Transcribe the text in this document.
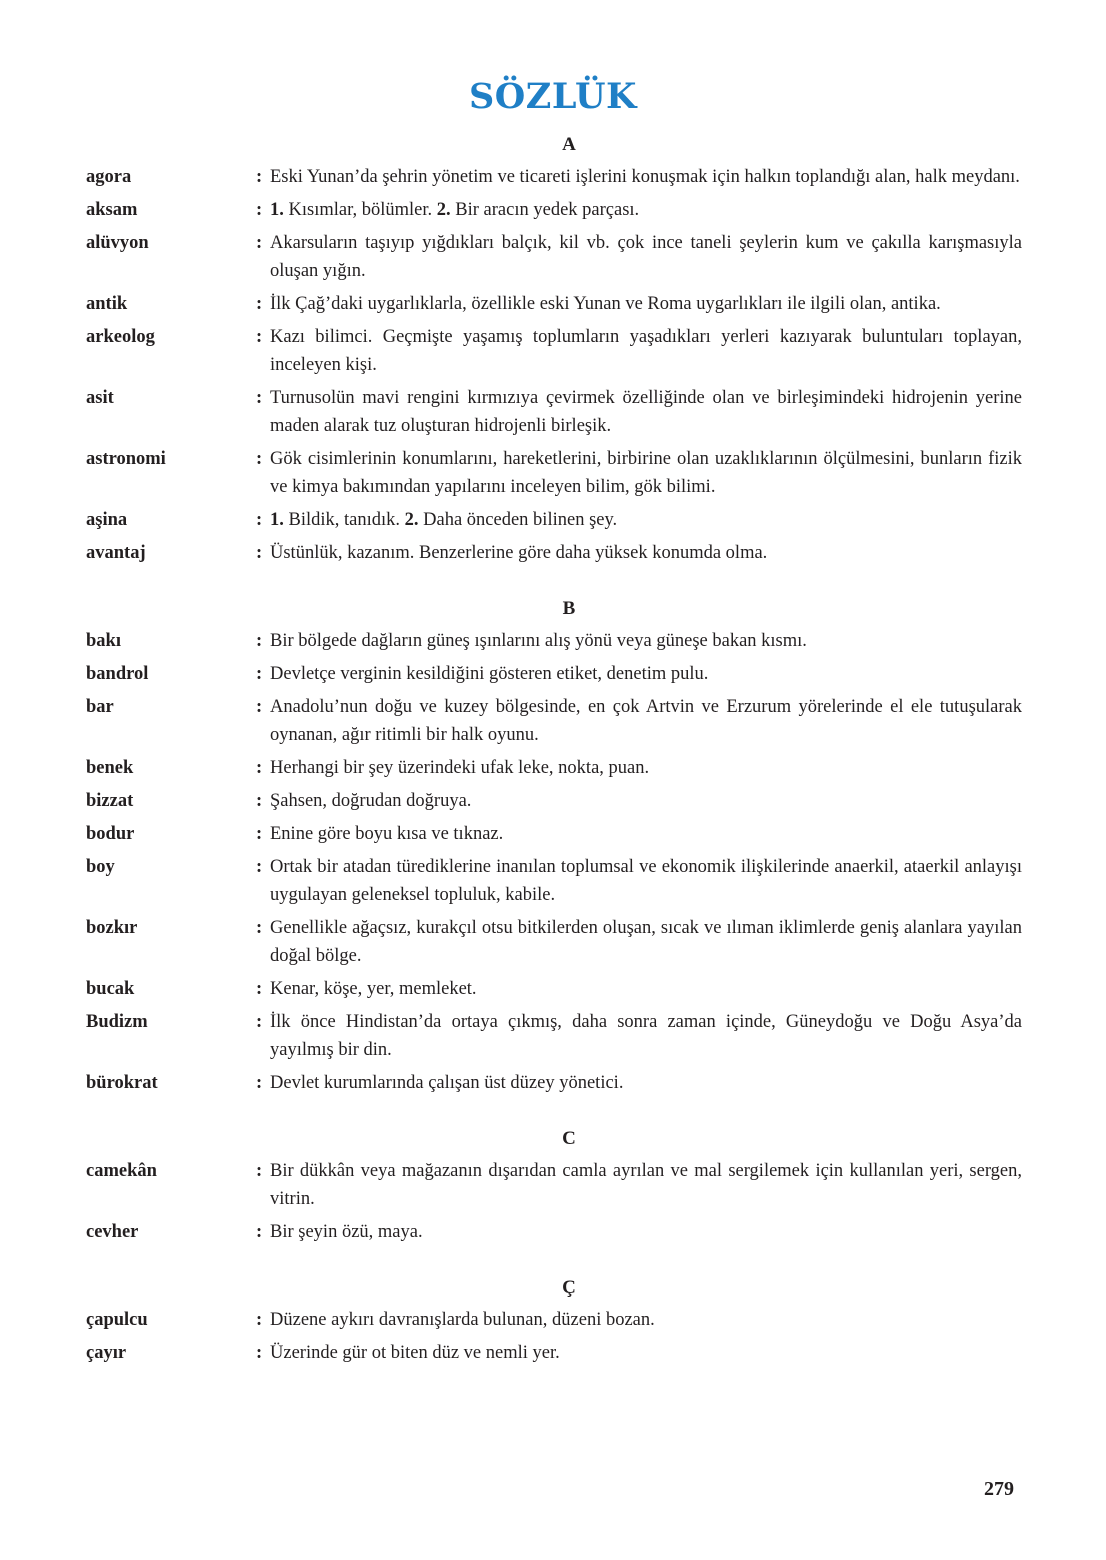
SÖZLÜK
A
agora	: Eski Yunan’da şehrin yönetim ve ticareti işlerini konuşmak için halkın toplandığı alan, halk meydanı.
aksam	: 1. Kısımlar, bölümler. 2. Bir aracın yedek parçası.
alüvyon	: Akarsuların taşıyıp yığdıkları balçık, kil vb. çok ince taneli şeylerin kum ve çakılla karışmasıyla oluşan yığın.
antik	: İlk Çağ’daki uygarlıklarla, özellikle eski Yunan ve Roma uygarlıkları ile ilgili olan, antika.
arkeolog	: Kazı bilimci. Geçmişte yaşamış toplumların yaşadıkları yerleri kazıyarak buluntuları toplayan, inceleyen kişi.
asit	: Turnusolün mavi rengini kırmızıya çevirmek özelliğinde olan ve birleşimindeki hidrojenin yerine maden alarak tuz oluşturan hidrojenli birleşik.
astronomi	: Gök cisimlerinin konumlarını, hareketlerini, birbirine olan uzaklıklarının ölçülmesini, bunların fizik ve kimya bakımından yapılarını inceleyen bilim, gök bilimi.
aşina	: 1. Bildik, tanıdık. 2. Daha önceden bilinen şey.
avantaj	: Üstünlük, kazanım. Benzerlerine göre daha yüksek konumda olma.
B
bakı	: Bir bölgede dağların güneş ışınlarını alış yönü veya güneşe bakan kısmı.
bandrol	: Devletçe verginin kesildiğini gösteren etiket, denetim pulu.
bar	: Anadolu’nun doğu ve kuzey bölgesinde, en çok Artvin ve Erzurum yörelerinde el ele tutuşularak oynanan, ağır ritimli bir halk oyunu.
benek	: Herhangi bir şey üzerindeki ufak leke, nokta, puan.
bizzat	: Şahsen, doğrudan doğruya.
bodur	: Enine göre boyu kısa ve tıknaz.
boy	: Ortak bir atadan türediklerine inanılan toplumsal ve ekonomik ilişkilerinde anaerkil, ataerkil anlayışı uygulayan geleneksel topluluk, kabile.
bozkır	: Genellikle ağaçsız, kurakçıl otsu bitkilerden oluşan, sıcak ve ılıman iklimlerde geniş alanlara yayılan doğal bölge.
bucak	: Kenar, köşe, yer, memleket.
Budizm	: İlk önce Hindistan’da ortaya çıkmış, daha sonra zaman içinde, Güneydoğu ve Doğu Asya’da yayılmış bir din.
bürokrat	: Devlet kurumlarında çalışan üst düzey yönetici.
C
camekân	: Bir dükkân veya mağazanın dışarıdan camla ayrılan ve mal sergilemek için kullanılan yeri, sergen, vitrin.
cevher	: Bir şeyin özü, maya.
Ç
çapulcu	: Düzene aykırı davranışlarda bulunan, düzeni bozan.
çayır	: Üzerinde gür ot biten düz ve nemli yer.
279
